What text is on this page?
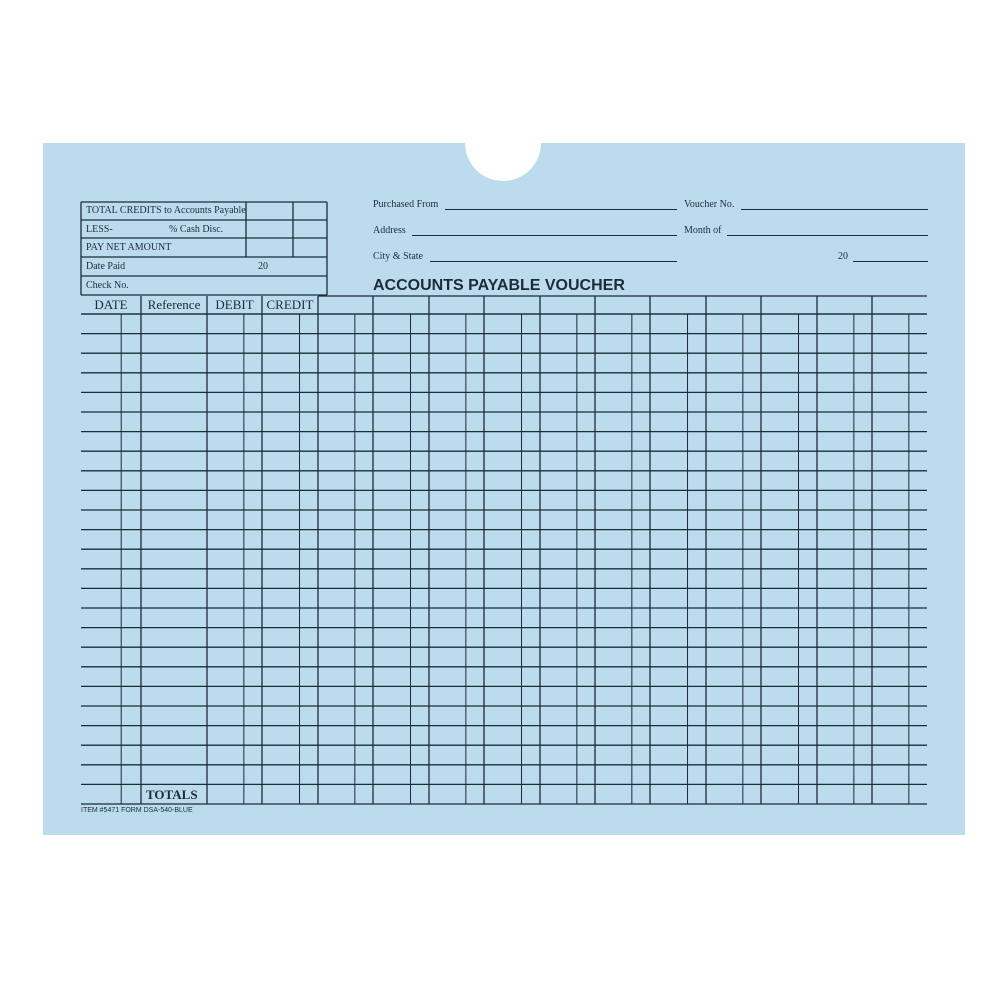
TOTAL CREDITS to Accounts Payable
LESS-	% Cash Disc.
PAY NET AMOUNT
Date Paid	20
Check No.
Purchased From	Voucher No.
Address	Month of
City & State	20
ACCOUNTS PAYABLE VOUCHER
DATE	Reference	DEBIT CREDIT
TOTALS
ITEM #5471 FORM DSA-540-BLUE
